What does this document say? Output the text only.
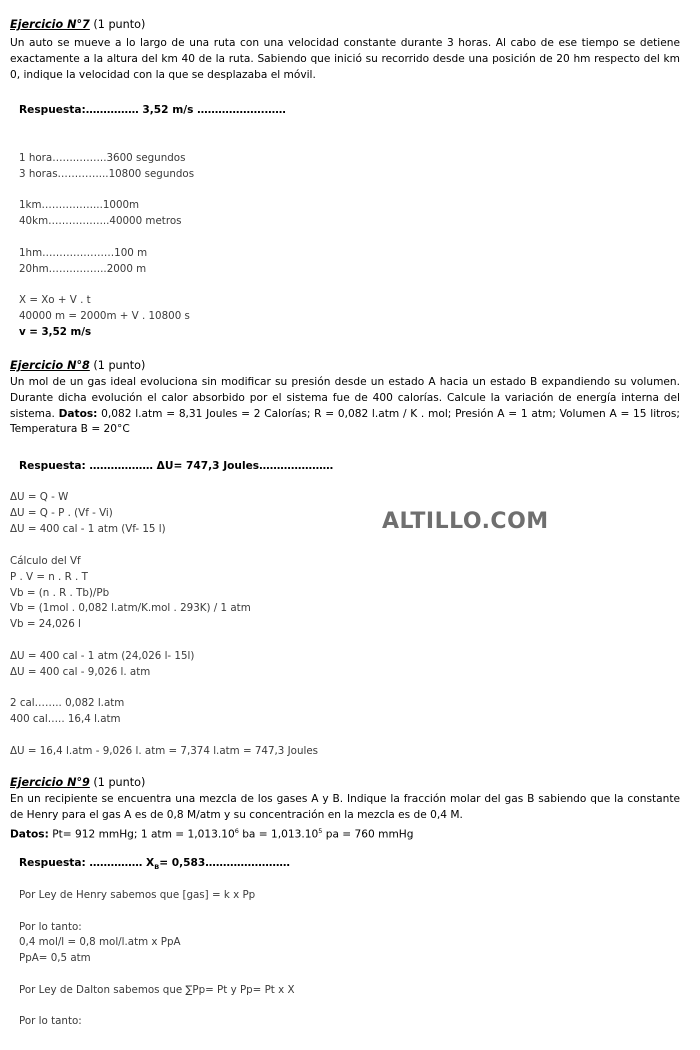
Ejercicio N°7 (1 punto)
Un auto se mueve a lo largo de una ruta con una velocidad constante durante 3 horas. Al cabo de ese tiempo se detiene exactamente a la altura del km 40 de la ruta. Sabiendo que inició su recorrido desde una posición de 20 hm respecto del km 0, indique la velocidad con la que se desplazaba el móvil.
Respuesta:…………… 3,52 m/s ……………….……
1 hora……..……..3600 segundos
3 horas…………...10800 segundos
1km……………...1000m
40km……………...40000 metros
1hm…………………100 m
20hm……………..2000 m
X = Xo + V . t
40000 m = 2000m + V . 10800 s
v = 3,52 m/s
Ejercicio N°8 (1 punto)
Un mol de un gas ideal evoluciona sin modificar su presión desde un estado A hacia un estado B expandiendo su volumen. Durante dicha evolución el calor absorbido por el sistema fue de 400 calorías. Calcule la variación de energía interna del sistema. Datos: 0,082 l.atm = 8,31 Joules = 2 Calorías; R = 0,082 l.atm / K . mol; Presión A = 1 atm; Volumen A = 15 litros; Temperatura B = 20°C
Respuesta: ……………… ΔU= 747,3 Joules…………………
ΔU = Q - W
ΔU = Q - P . (Vf - Vi)
ΔU = 400 cal - 1 atm (Vf- 15 l)
Cálculo del Vf
P . V = n . R . T
Vb = (n . R . Tb)/Pb
Vb = (1mol . 0,082 l.atm/K.mol . 293K) / 1 atm
Vb = 24,026 l
ΔU = 400 cal - 1 atm (24,026 l- 15l)
ΔU = 400 cal - 9,026 l. atm
2 cal…….. 0,082 l.atm
400 cal….. 16,4 l.atm
ΔU = 16,4 l.atm - 9,026 l. atm = 7,374 l.atm = 747,3 Joules
ALTILLO.COM
Ejercicio N°9 (1 punto)
En un recipiente se encuentra una mezcla de los gases A y B. Indique la fracción molar del gas B sabiendo que la constante de Henry para el gas A es de 0,8 M/atm y su concentración en la mezcla es de 0,4 M.
Datos: Pt= 912 mmHg; 1 atm = $1,013.10^6$ ba = $1,013.10^5$ pa = 760 mmHg
Respuesta: …………… $X_B=$ 0,583……………………
Por Ley de Henry sabemos que [gas] = k x Pp
Por lo tanto:
0,4 mol/l = 0,8 mol/l.atm x PpA
PpA= 0,5 atm
Por Ley de Dalton sabemos que ∑Pp= Pt y Pp= Pt x X
Por lo tanto:
